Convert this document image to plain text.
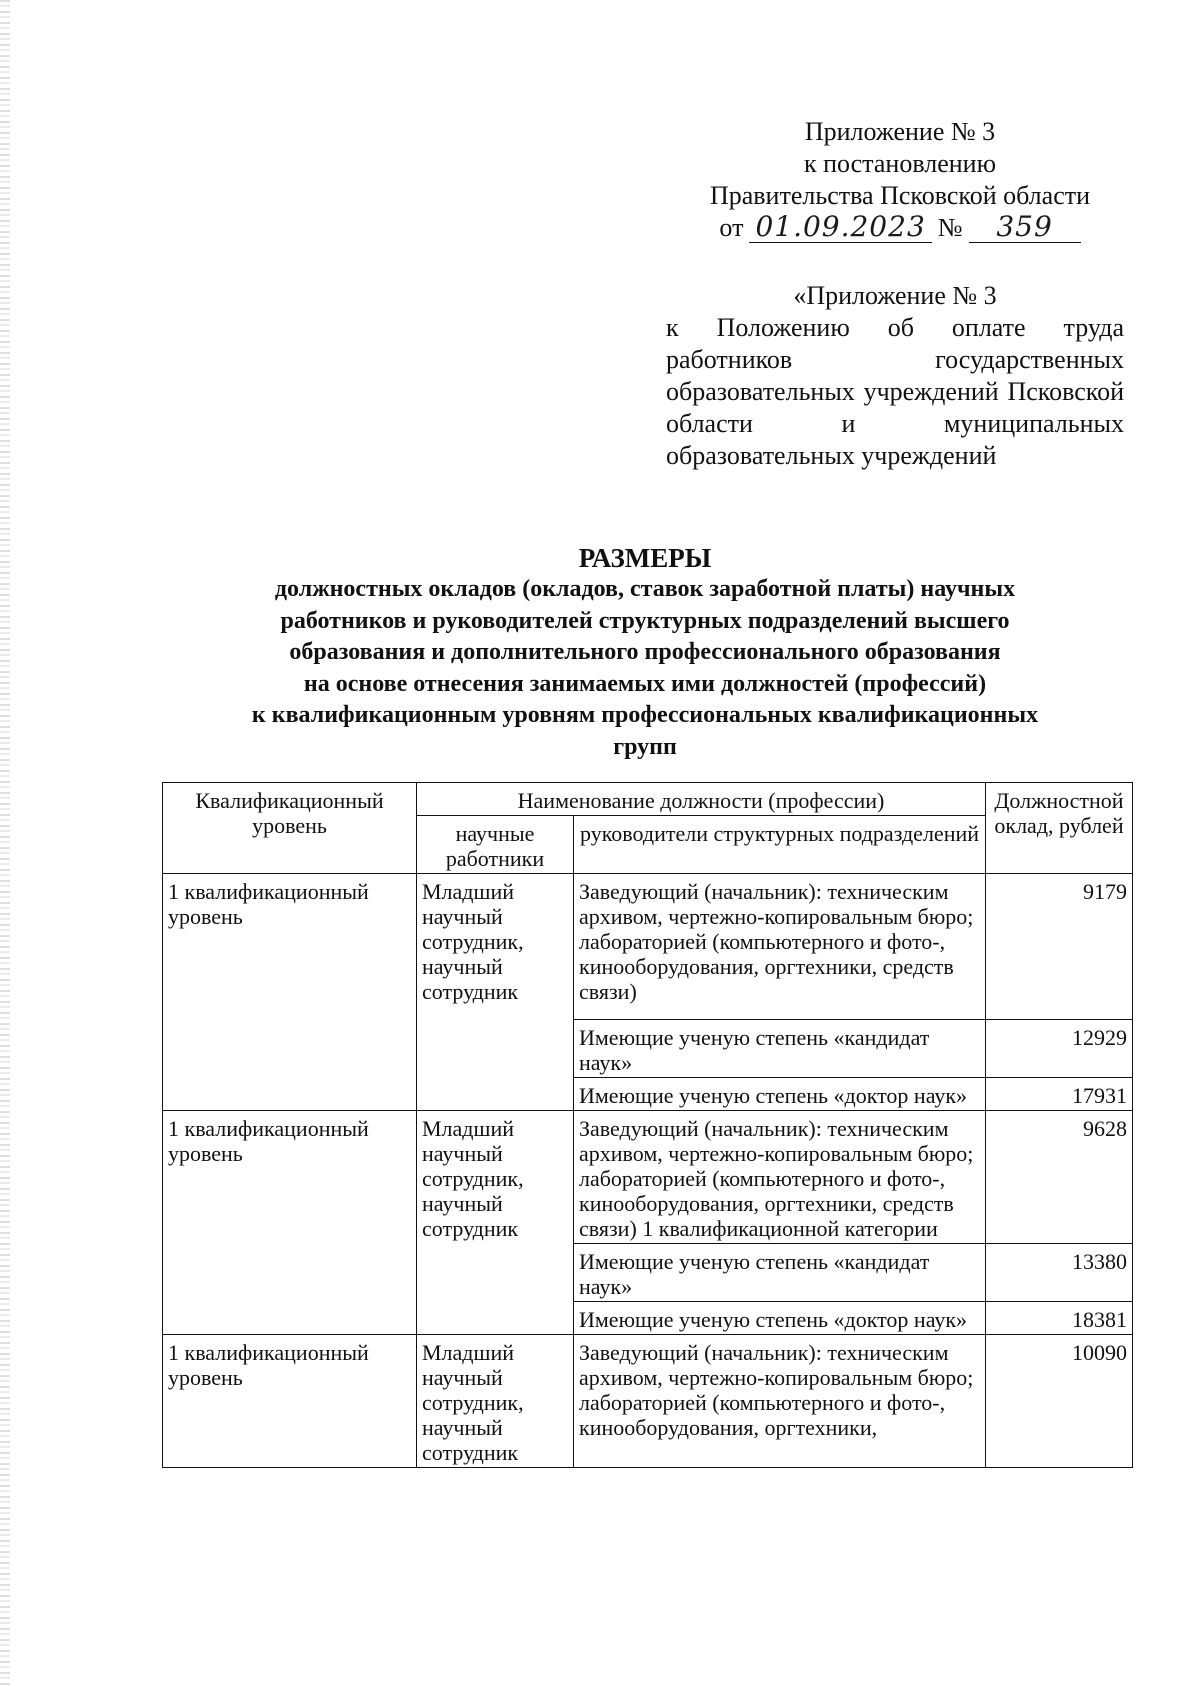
Приложение № 3
к постановлению
Правительства Псковской области
от 01.09.2023 №	359
«Приложение № 3
к Положению об оплате труда работников государственных образовательных учреждений Псковской области и муниципальных образовательных учреждений
РАЗМЕРЫ
должностных окладов (окладов, ставок заработной платы) научных
работников и руководителей структурных подразделений высшего
образования и дополнительного профессионального образования
на основе отнесения занимаемых ими должностей (профессий)
к квалификационным уровням профессиональных квалификационных
групп
Квалификационный уровень	Наименование должности (профессии)		Должностной оклад, рублей
	научные работники	руководители структурных подразделений	
1 квалификационный уровень	Младший научный сотрудник, научный сотрудник	Заведующий (начальник): техническим архивом, чертежно-копировальным бюро; лабораторией (компьютерного и фото-, кинооборудования, оргтехники, средств связи)	9179
		Имеющие ученую степень «кандидат наук»	12929
		Имеющие ученую степень «доктор наук»	17931
1 квалификационный уровень	Младший научный сотрудник, научный сотрудник	Заведующий (начальник): техническим архивом, чертежно-копировальным бюро; лабораторией (компьютерного и фото-, кинооборудования, оргтехники, средств связи) 1 квалификационной категории	9628
		Имеющие ученую степень «кандидат наук»	13380
		Имеющие ученую степень «доктор наук»	18381
1 квалификационный уровень	Младший научный сотрудник, научный сотрудник	Заведующий (начальник): техническим архивом, чертежно-копировальным бюро; лабораторией (компьютерного и фото-, кинооборудования, оргтехники,	10090
